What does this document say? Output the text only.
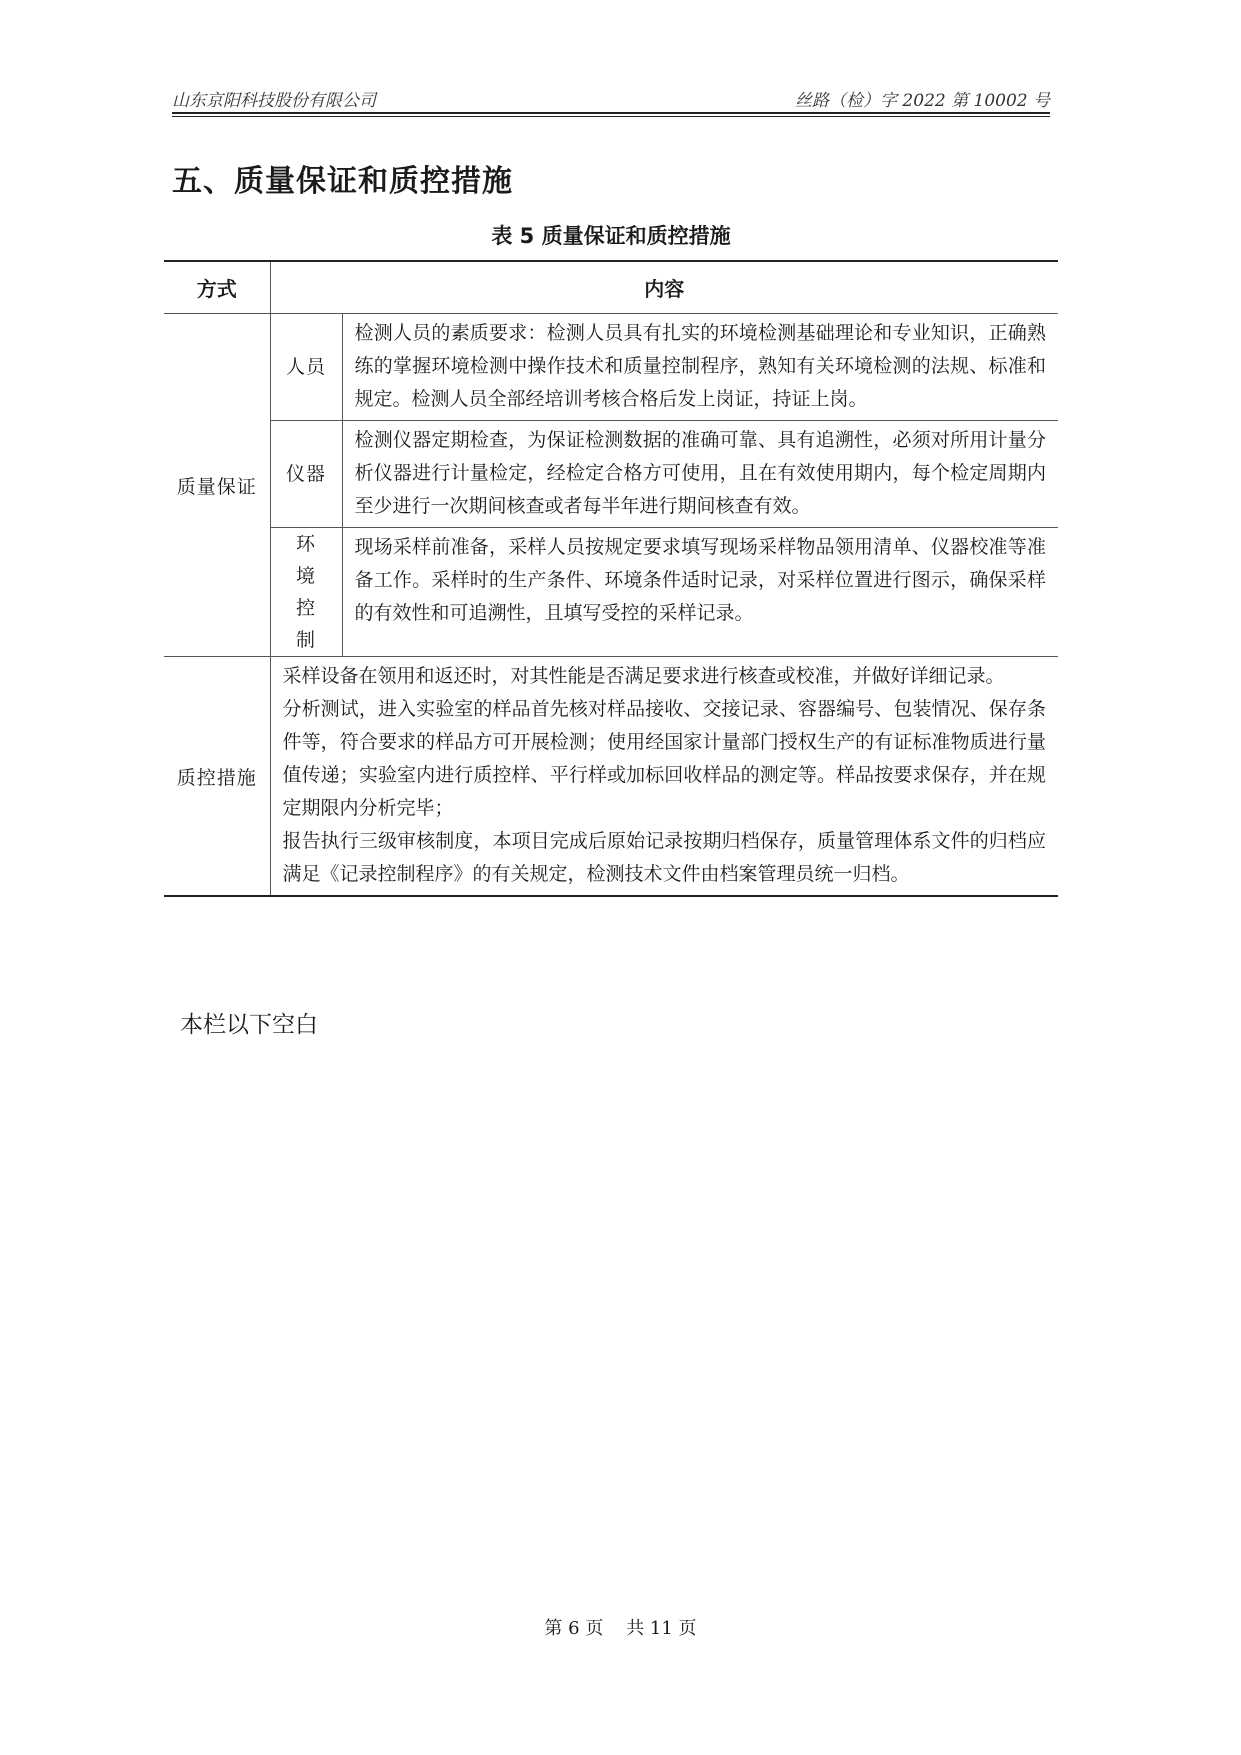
山东京阳科技股份有限公司	丝路（检）字 2022 第 10002 号
五、质量保证和质控措施
表 5 质量保证和质控措施
方式	内容	
质量保证	人员	检测人员的素质要求：检测人员具有扎实的环境检测基础理论和专业知识，正确熟练的掌握环境检测中操作技术和质量控制程序，熟知有关环境检测的法规、标准和规定。检测人员全部经培训考核合格后发上岗证，持证上岗。
	仪器	检测仪器定期检查，为保证检测数据的准确可靠、具有追溯性，必须对所用计量分析仪器进行计量检定，经检定合格方可使用，且在有效使用期内，每个检定周期内至少进行一次期间核查或者每半年进行期间核查有效。
	环境控制	现场采样前准备，采样人员按规定要求填写现场采样物品领用清单、仪器校准等准备工作。采样时的生产条件、环境条件适时记录，对采样位置进行图示，确保采样的有效性和可追溯性，且填写受控的采样记录。
质控措施	采样设备在领用和返还时，对其性能是否满足要求进行核查或校准，并做好详细记录。

分析测试，进入实验室的样品首先核对样品接收、交接记录、容器编号、包装情况、保存条件等，符合要求的样品方可开展检测；使用经国家计量部门授权生产的有证标准物质进行量值传递；实验室内进行质控样、平行样或加标回收样品的测定等。样品按要求保存，并在规定期限内分析完毕；

报告执行三级审核制度，本项目完成后原始记录按期归档保存，质量管理体系文件的归档应满足《记录控制程序》的有关规定，检测技术文件由档案管理员统一归档。	

本栏以下空白
第 6 页    共 11 页
